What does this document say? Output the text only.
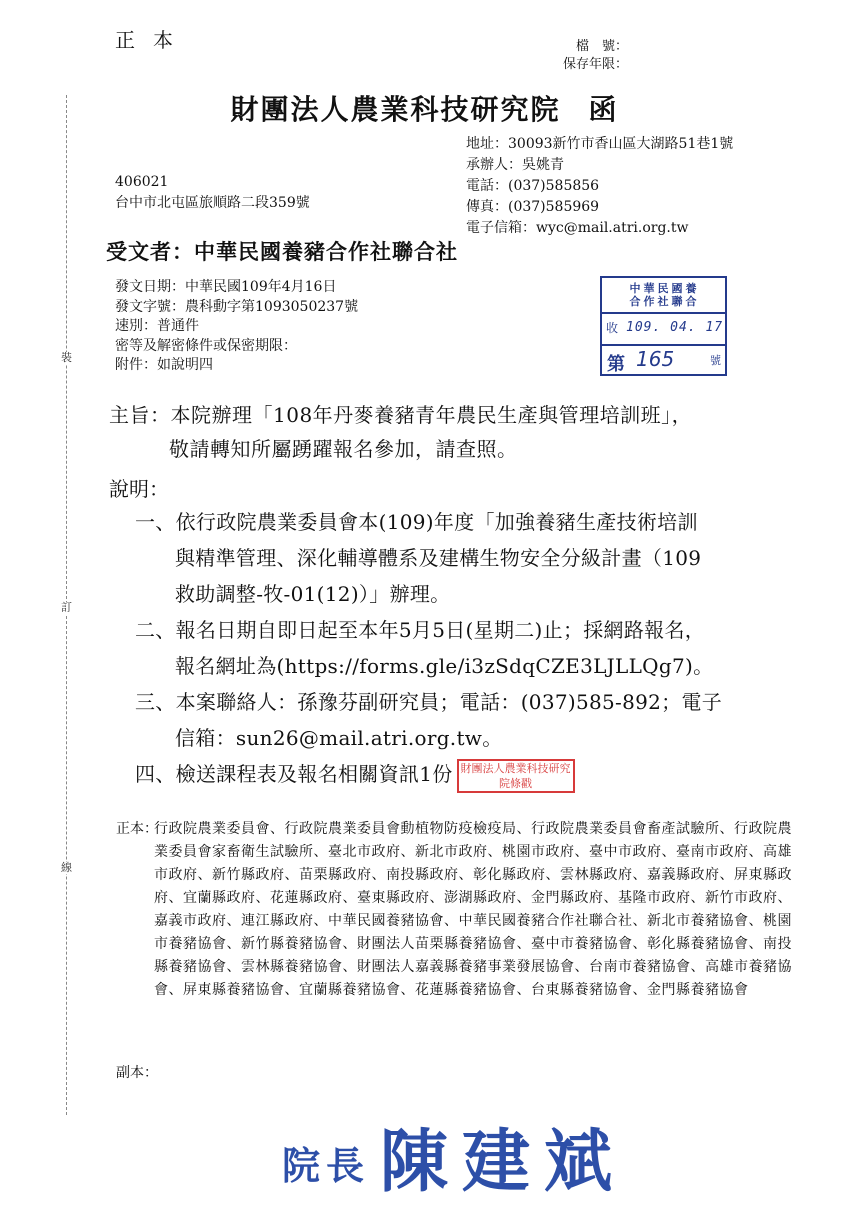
裝
訂
線
正本	檔　號：
保存年限：
財團法人農業科技研究院 函
地址：30093新竹市香山區大湖路51巷1號
承辦人：吳姚青
電話：(037)585856
傳真：(037)585969
電子信箱：wyc@mail.atri.org.tw
406021
台中市北屯區旅順路二段359號
受文者：中華民國養豬合作社聯合社
發文日期：中華民國109年4月16日
發文字號：農科動字第1093050237號
速別：普通件
密等及解密條件或保密期限：
附件：如說明四
中華民國養
合作社聯合
收 109. 04. 17
第 165	號
主旨：本院辦理「108年丹麥養豬青年農民生產與管理培訓班」，
敬請轉知所屬踴躍報名參加，請查照。
說明：
一、依行政院農業委員會本(109)年度「加強養豬生產技術培訓
與精準管理、深化輔導體系及建構生物安全分級計畫（109
救助調整-牧-01(12)）」辦理。
二、報名日期自即日起至本年5月5日(星期二)止；採網路報名，
報名網址為(https://forms.gle/i3zSdqCZE3LJLLQg7)。
三、本案聯絡人：孫豫芬副研究員；電話：(037)585-892；電子
信箱：sun26@mail.atri.org.tw。
四、檢送課程表及報名相關資訊1份 財團法人農業科技研究院條戳
正本：
行政院農業委員會、行政院農業委員會動植物防疫檢疫局、行政院農業委員會畜產試驗所、行政院農業委員會家畜衛生試驗所、臺北市政府、新北市政府、桃園市政府、臺中市政府、臺南市政府、高雄市政府、新竹縣政府、苗栗縣政府、南投縣政府、彰化縣政府、雲林縣政府、嘉義縣政府、屏東縣政府、宜蘭縣政府、花蓮縣政府、臺東縣政府、澎湖縣政府、金門縣政府、基隆市政府、新竹市政府、嘉義市政府、連江縣政府、中華民國養豬協會、中華民國養豬合作社聯合社、新北市養豬協會、桃園市養豬協會、新竹縣養豬協會、財團法人苗栗縣養豬協會、臺中市養豬協會、彰化縣養豬協會、南投縣養豬協會、雲林縣養豬協會、財團法人嘉義縣養豬事業發展協會、台南市養豬協會、高雄市養豬協會、屏東縣養豬協會、宜蘭縣養豬協會、花蓮縣養豬協會、台東縣養豬協會、金門縣養豬協會
副本：
院長 陳建斌
